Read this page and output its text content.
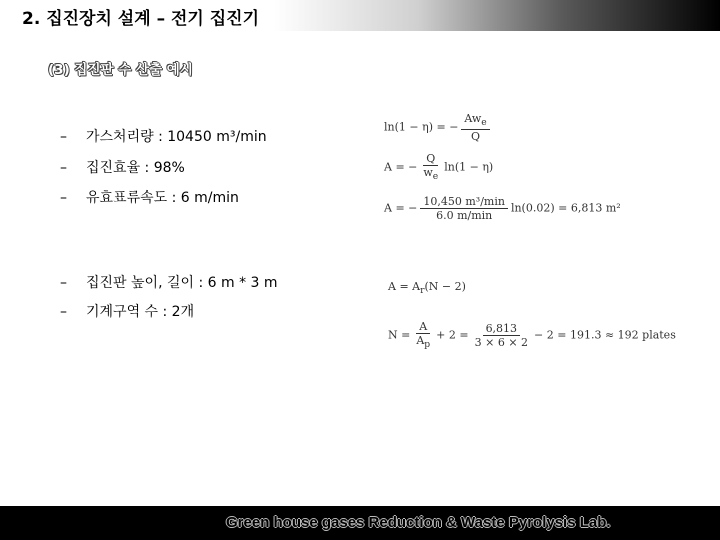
2. 집진장치 설계 – 전기 집진기
(3) 집진판 수 산출 예시
– 가스처리량 : 10450 m³/min
– 집진효율 : 98%
– 유효표류속도 : 6 m/min
– 집진판 높이, 길이 : 6 m * 3 m
– 기계구역 수 : 2개
ln(1 − η) = − $\frac{Aw_e}{Q}$
A = − $\frac{Q}{w_e} \ln(1 - \eta)$
A = − $\frac{\text{10,450 m³/min}}{6.0 m/\min} \ln(0.02) = 6,813$ m²
$A = A_r(N - 2)$
$N = \frac{A}{A_p} + 2 = \frac{6,813}{3 \times 6 \times 2} - 2 = 191.3 \approx 192$ plates
Green house gases Reduction & Waste Pyrolysis Lab.
